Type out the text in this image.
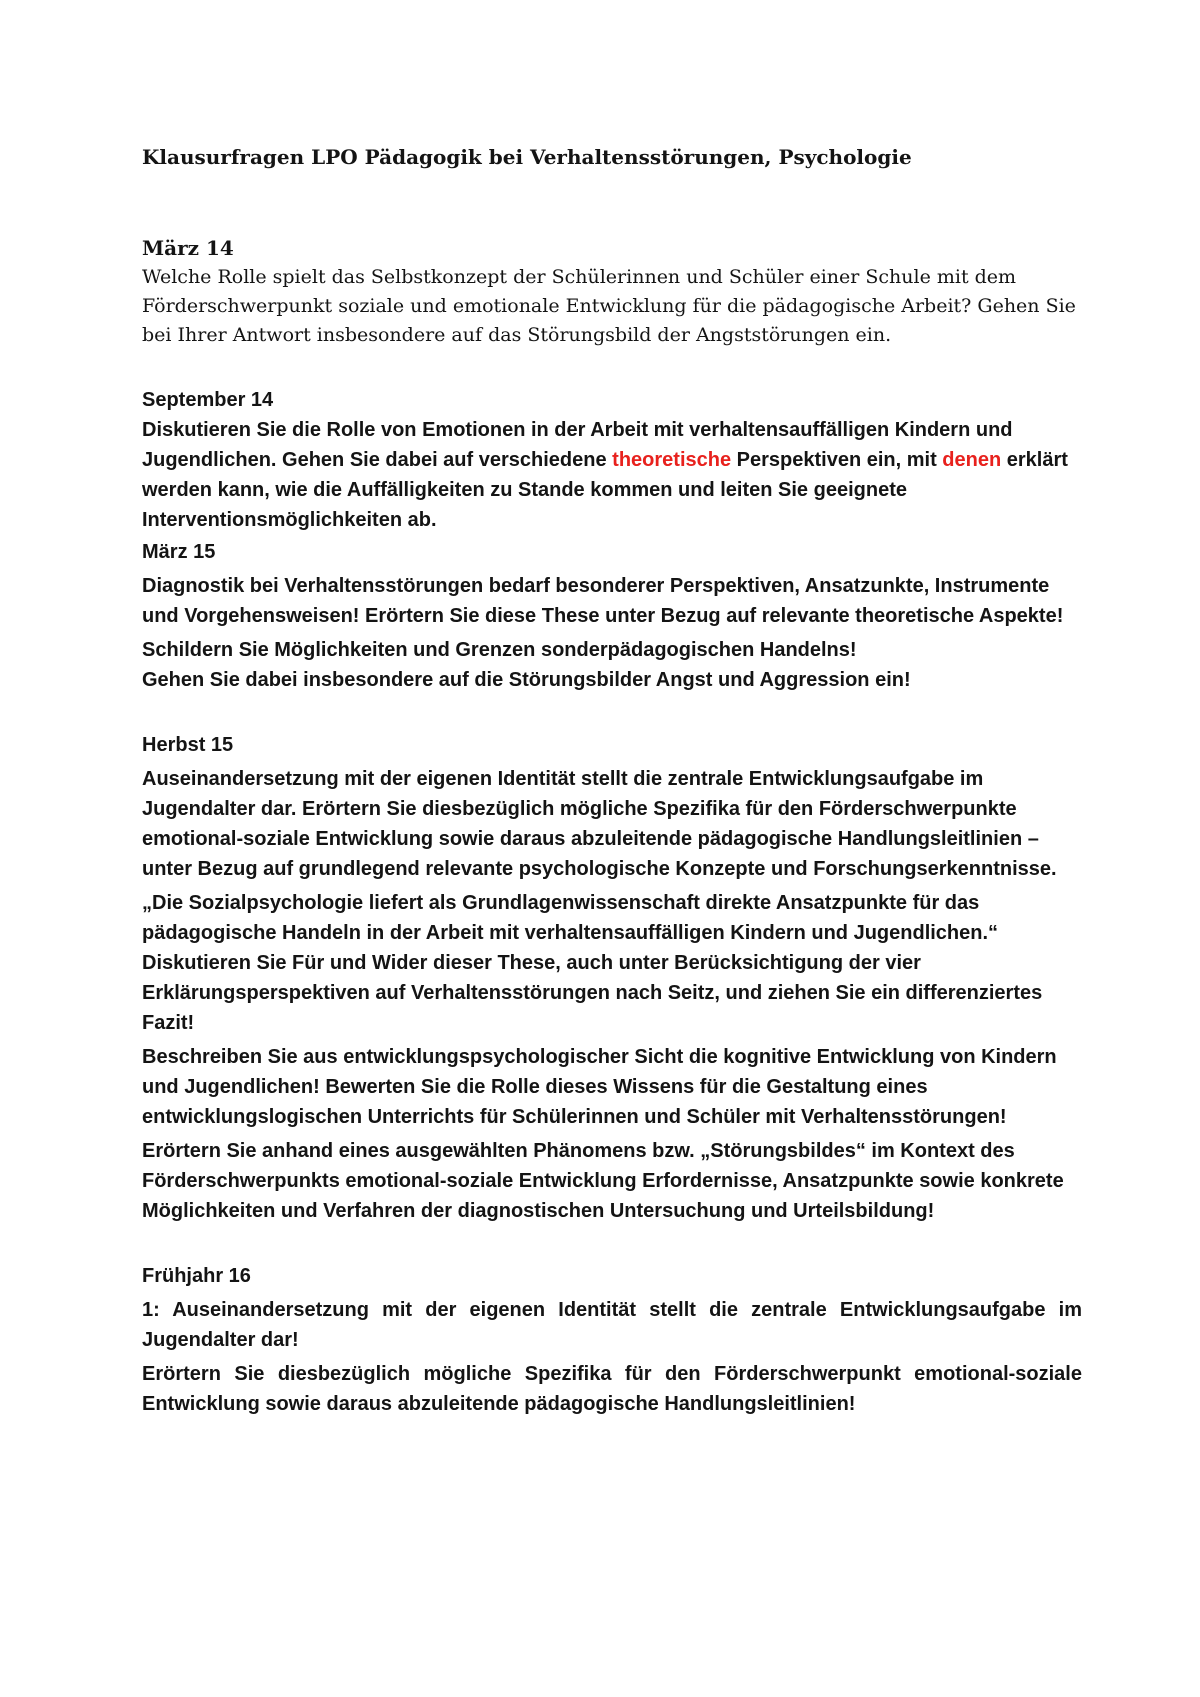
Klausurfragen LPO Pädagogik bei Verhaltensstörungen, Psychologie
März 14

Welche Rolle spielt das Selbstkonzept der Schülerinnen und Schüler einer Schule mit dem Förderschwerpunkt soziale und emotionale Entwicklung für die pädagogische Arbeit? Gehen Sie bei Ihrer Antwort insbesondere auf das Störungsbild der Angststörungen ein.

September 14

Diskutieren Sie die Rolle von Emotionen in der Arbeit mit verhaltensauffälligen Kindern und Jugendlichen. Gehen Sie dabei auf verschiedene theoretische Perspektiven ein, mit denen erklärt werden kann, wie die Auffälligkeiten zu Stande kommen und leiten Sie geeignete Interventionsmöglichkeiten ab.

März 15

Diagnostik bei Verhaltensstörungen bedarf besonderer Perspektiven, Ansatzunkte, Instrumente und Vorgehensweisen! Erörtern Sie diese These unter Bezug auf relevante theoretische Aspekte!

Schildern Sie Möglichkeiten und Grenzen sonderpädagogischen Handelns!

Gehen Sie dabei insbesondere auf die Störungsbilder Angst und Aggression ein!

Herbst 15

Auseinandersetzung mit der eigenen Identität stellt die zentrale Entwicklungsaufgabe im Jugendalter dar. Erörtern Sie diesbezüglich mögliche Spezifika für den Förderschwerpunkte emotional-soziale Entwicklung sowie daraus abzuleitende pädagogische Handlungsleitlinien – unter Bezug auf grundlegend relevante psychologische Konzepte und Forschungserkenntnisse.

„Die Sozialpsychologie liefert als Grundlagenwissenschaft direkte Ansatzpunkte für das pädagogische Handeln in der Arbeit mit verhaltensauffälligen Kindern und Jugendlichen.“ Diskutieren Sie Für und Wider dieser These, auch unter Berücksichtigung der vier Erklärungsperspektiven auf Verhaltensstörungen nach Seitz, und ziehen Sie ein differenziertes Fazit!

Beschreiben Sie aus entwicklungspsychologischer Sicht die kognitive Entwicklung von Kindern und Jugendlichen! Bewerten Sie die Rolle dieses Wissens für die Gestaltung eines entwicklungslogischen Unterrichts für Schülerinnen und Schüler mit Verhaltensstörungen!

Erörtern Sie anhand eines ausgewählten Phänomens bzw. „Störungsbildes“ im Kontext des Förderschwerpunkts emotional-soziale Entwicklung Erfordernisse, Ansatzpunkte sowie konkrete Möglichkeiten und Verfahren der diagnostischen Untersuchung und Urteilsbildung!

Frühjahr 16

1: Auseinandersetzung mit der eigenen Identität stellt die zentrale Entwicklungsaufgabe im Jugendalter dar!

Erörtern Sie diesbezüglich mögliche Spezifika für den Förderschwerpunkt emotional-soziale Entwicklung sowie daraus abzuleitende pädagogische Handlungsleitlinien!
